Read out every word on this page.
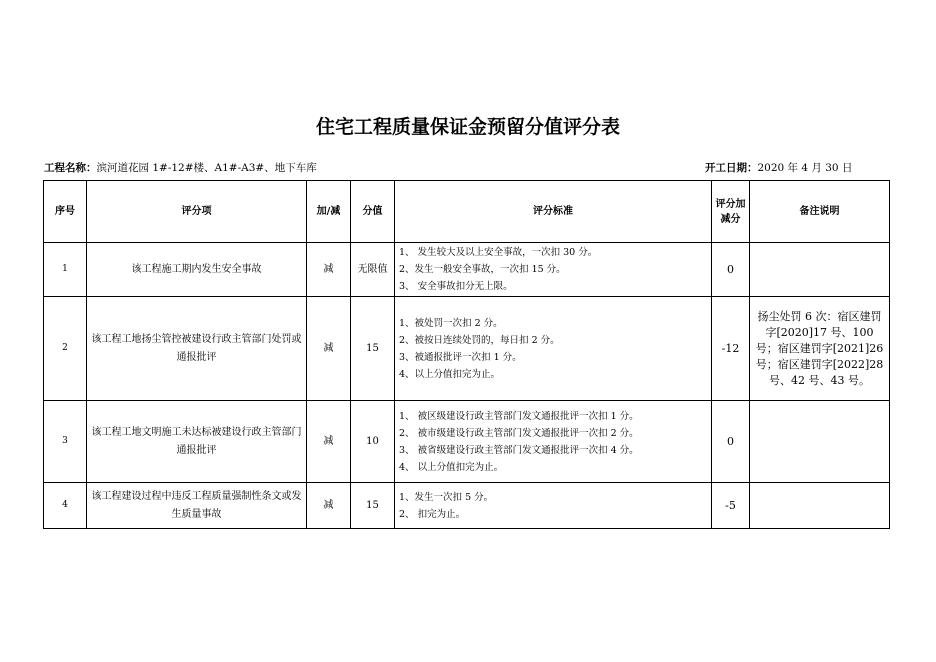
住宅工程质量保证金预留分值评分表
工程名称：滨河道花园 1#-12#楼、A1#-A3#、地下车库	开工日期：2020 年 4 月 30 日
序号	评分项	加/减	分值	评分标准	评分加减分	备注说明
1	该工程施工期内发生安全事故	减	无限值	1、 发生较大及以上安全事故，一次扣 30 分。
2、发生一般安全事故，一次扣 15 分。
3、 安全事故扣分无上限。	0	
2	该工程工地扬尘管控被建设行政主管部门处罚或通报批评	减	15	1、被处罚一次扣 2 分。
2、被按日连续处罚的，每日扣 2 分。
3、被通报批评一次扣 1 分。
4、以上分值扣完为止。	-12	扬尘处罚 6 次：宿区建罚字[2020]17 号、100 号；宿区建罚字[2021]26 号；宿区建罚字[2022]28 号、42 号、43 号。
3	该工程工地文明施工未达标被建设行政主管部门通报批评	减	10	1、 被区级建设行政主管部门发文通报批评一次扣 1 分。
2、 被市级建设行政主管部门发文通报批评一次扣 2 分。
3、 被省级建设行政主管部门发文通报批评一次扣 4 分。
4、 以上分值扣完为止。	0	
4	该工程建设过程中违反工程质量强制性条文或发生质量事故	减	15	1、发生一次扣 5 分。
2、 扣完为止。	-5	
